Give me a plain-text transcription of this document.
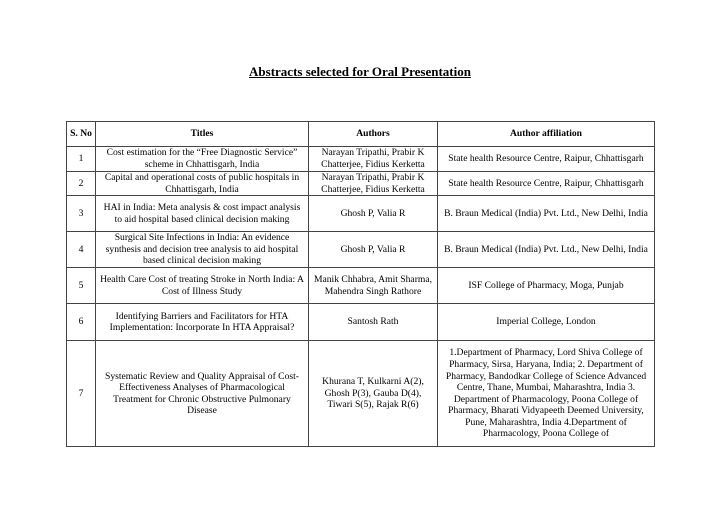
Abstracts selected for Oral Presentation
S. No	Titles	Authors	Author affiliation
1	Cost estimation for the “Free Diagnostic Service” scheme in Chhattisgarh, India	Narayan Tripathi, Prabir K Chatterjee, Fidius Kerketta	State health Resource Centre, Raipur, Chhattisgarh
2	Capital and operational costs of public hospitals in Chhattisgarh, India	Narayan Tripathi, Prabir K Chatterjee, Fidius Kerketta	State health Resource Centre, Raipur, Chhattisgarh
3	HAI in India: Meta analysis & cost impact analysis to aid hospital based clinical decision making	Ghosh P, Valia R	B. Braun Medical (India) Pvt. Ltd., New Delhi, India
4	Surgical Site Infections in India: An evidence synthesis and decision tree analysis to aid hospital based clinical decision making	Ghosh P, Valia R	B. Braun Medical (India) Pvt. Ltd., New Delhi, India
5	Health Care Cost of treating Stroke in North India: A Cost of Illness Study	Manik Chhabra, Amit Sharma, Mahendra Singh Rathore	ISF College of Pharmacy, Moga, Punjab
6	Identifying Barriers and Facilitators for HTA Implementation: Incorporate In HTA Appraisal?	Santosh Rath	Imperial College, London
7	Systematic Review and Quality Appraisal of Cost-Effectiveness Analyses of Pharmacological Treatment for Chronic Obstructive Pulmonary Disease	Khurana T, Kulkarni A(2), Ghosh P(3), Gauba D(4), Tiwari S(5), Rajak R(6)	1.Department of Pharmacy, Lord Shiva College of Pharmacy, Sirsa, Haryana, India; 2. Department of Pharmacy, Bandodkar College of Science Advanced Centre, Thane, Mumbai, Maharashtra, India 3. Department of Pharmacology, Poona College of Pharmacy, Bharati Vidyapeeth Deemed University, Pune, Maharashtra, India 4.Department of Pharmacology, Poona College of
